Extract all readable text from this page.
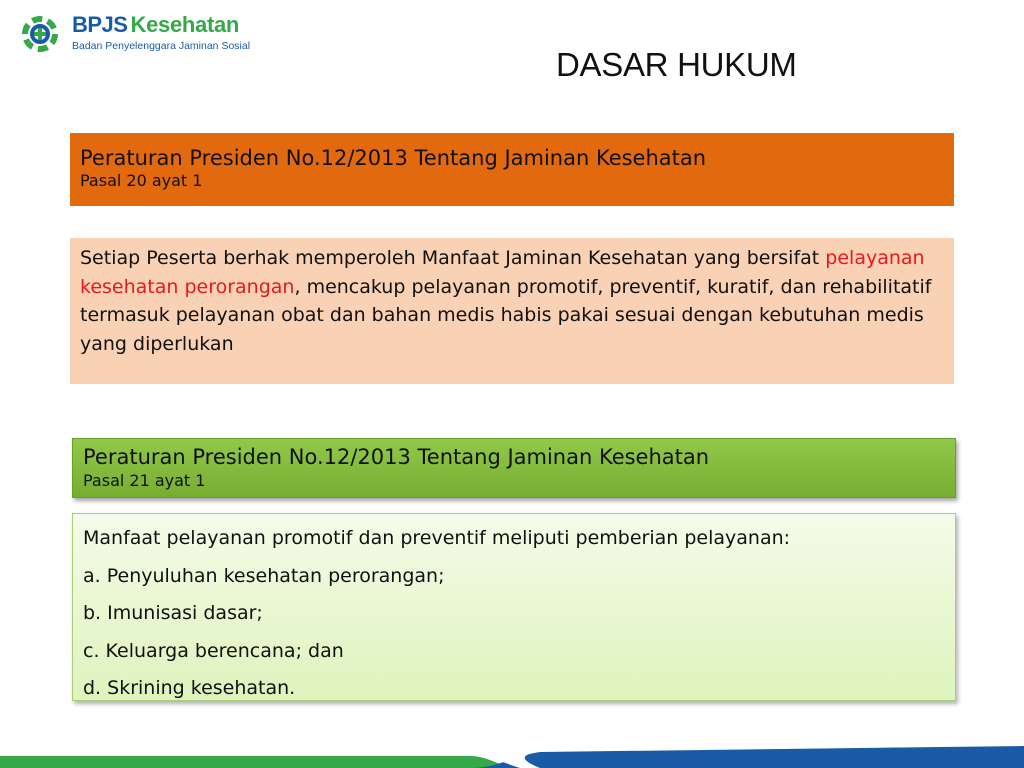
BPJS Kesehatan
Badan Penyelenggara Jaminan Sosial	DASAR HUKUM
Peraturan Presiden No.12/2013 Tentang Jaminan Kesehatan
Pasal 20 ayat 1
Setiap Peserta berhak memperoleh Manfaat Jaminan Kesehatan yang bersifat pelayanan kesehatan perorangan, mencakup pelayanan promotif, preventif, kuratif, dan rehabilitatif termasuk pelayanan obat dan bahan medis habis pakai sesuai dengan kebutuhan medis yang diperlukan
Peraturan Presiden No.12/2013 Tentang Jaminan Kesehatan
Pasal 21 ayat 1
Manfaat pelayanan promotif dan preventif meliputi pemberian pelayanan:
a. Penyuluhan kesehatan perorangan;
b. Imunisasi dasar;
c. Keluarga berencana; dan
d. Skrining kesehatan.
